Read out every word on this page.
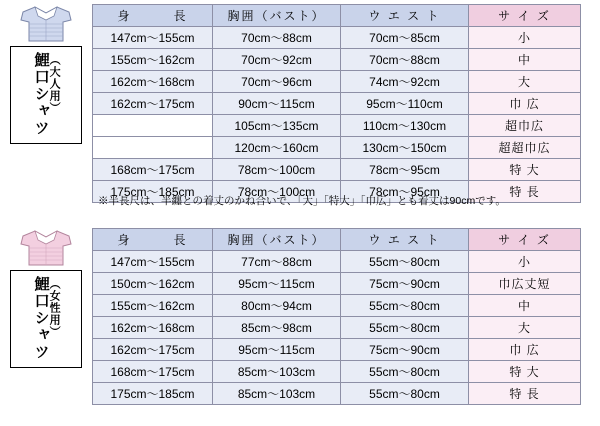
（大人用）
鯉口シャツ
身　　　長	胸囲（バスト）	ウ エ ス ト	サ イ ズ
147cm〜155cm	70cm〜88cm	70cm〜85cm	小
155cm〜162cm	70cm〜92cm	70cm〜88cm	中
162cm〜168cm	70cm〜96cm	74cm〜92cm	大
162cm〜175cm	90cm〜115cm	95cm〜110cm	巾 広
	105cm〜135cm	110cm〜130cm	超巾広
	120cm〜160cm	130cm〜150cm	超超巾広
168cm〜175cm	78cm〜100cm	78cm〜95cm	特 大
175cm〜185cm	78cm〜100cm	78cm〜95cm	特 長
※半長尺は、半纏との着丈のかね合いで、「大」「特大」「巾広」とも着丈は90cmです。
（女性用）
鯉口シャツ
身　　　長	胸囲（バスト）	ウ エ ス ト	サ イ ズ
147cm〜155cm	77cm〜88cm	55cm〜80cm	小
150cm〜162cm	95cm〜115cm	75cm〜90cm	巾広丈短
155cm〜162cm	80cm〜94cm	55cm〜80cm	中
162cm〜168cm	85cm〜98cm	55cm〜80cm	大
162cm〜175cm	95cm〜115cm	75cm〜90cm	巾 広
168cm〜175cm	85cm〜103cm	55cm〜80cm	特 大
175cm〜185cm	85cm〜103cm	55cm〜80cm	特 長
